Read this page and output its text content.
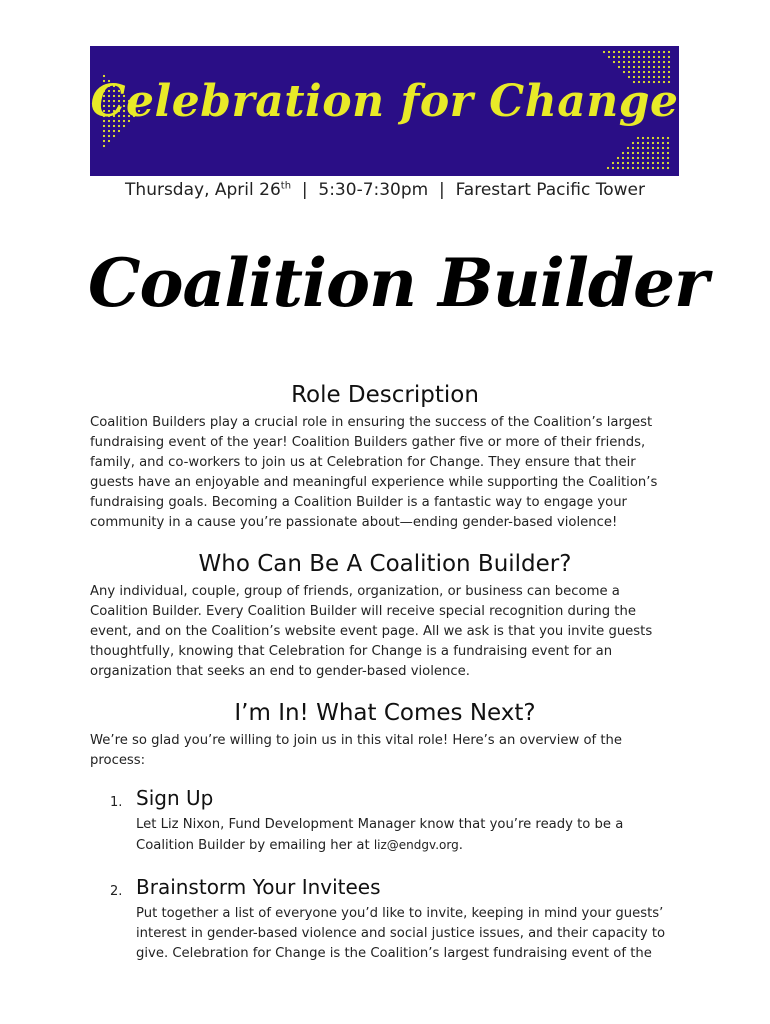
Celebration for Change
Thursday, April 26th  |  5:30-7:30pm  |  Farestart Pacific Tower
Coalition Builder
Role Description

Coalition Builders play a crucial role in ensuring the success of the Coalition’s largest

fundraising event of the year! Coalition Builders gather five or more of their friends,

family, and co-workers to join us at Celebration for Change. They ensure that their

guests have an enjoyable and meaningful experience while supporting the Coalition’s

fundraising goals. Becoming a Coalition Builder is a fantastic way to engage your

community in a cause you’re passionate about—ending gender-based violence!

Who Can Be A Coalition Builder?

Any individual, couple, group of friends, organization, or business can become a

Coalition Builder. Every Coalition Builder will receive special recognition during the

event, and on the Coalition’s website event page. All we ask is that you invite guests

thoughtfully, knowing that Celebration for Change is a fundraising event for an

organization that seeks an end to gender-based violence.

I’m In! What Comes Next?

We’re so glad you’re willing to join us in this vital role! Here’s an overview of the

process:

1. Sign Up
Let Liz Nixon, Fund Development Manager know that you’re ready to be a
Coalition Builder by emailing her at liz@endgv.org.
2. Brainstorm Your Invitees
Put together a list of everyone you’d like to invite, keeping in mind your guests’
interest in gender-based violence and social justice issues, and their capacity to
give. Celebration for Change is the Coalition’s largest fundraising event of the
